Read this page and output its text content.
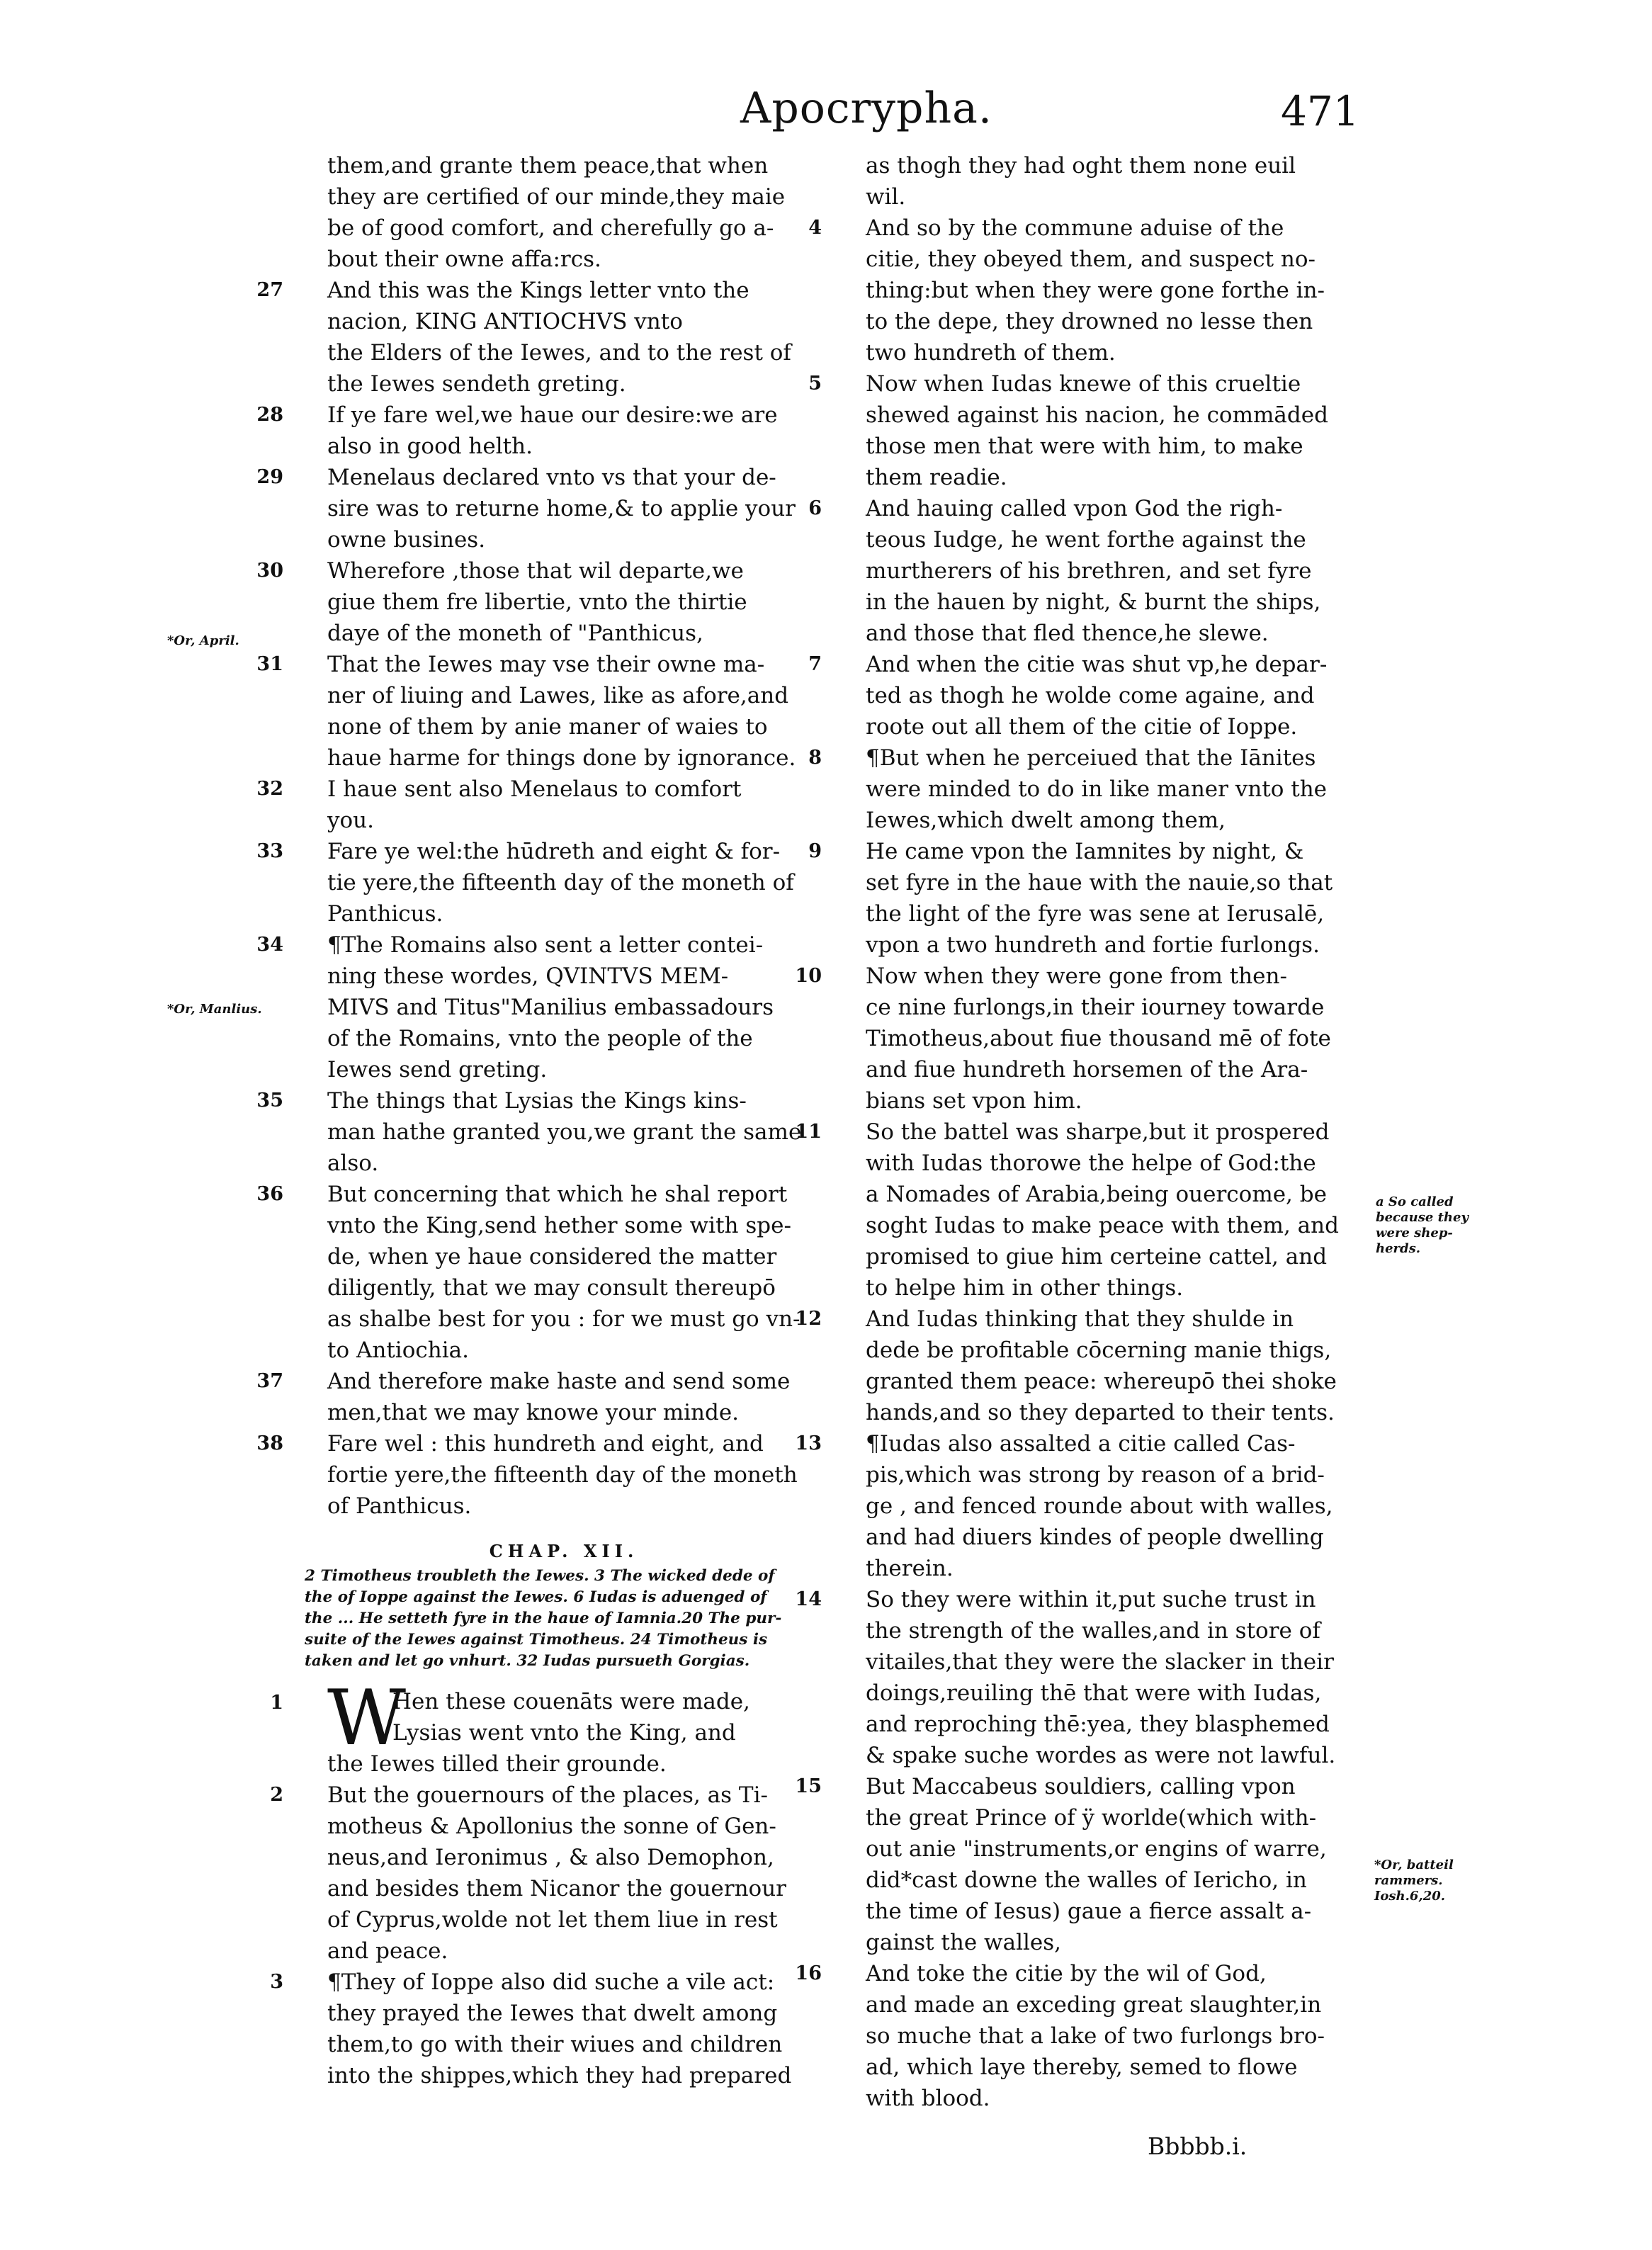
Apocrypha.	471
them,and grante them peace,that when
they are certified of our minde,they maie
be of good comfort, and cherefully go a-
bout their owne affa:rcs.
27 And this was the Kings letter vnto the
nacion, KING ANTIOCHVS vnto
the Elders of the Iewes, and to the rest of
the Iewes sendeth greting.
28 If ye fare wel,we haue our desire:we are
also in good helth.
29 Menelaus declared vnto vs that your de-
sire was to returne home,& to applie your
owne busines.
30 Wherefore ,those that wil departe,we
giue them fre libertie, vnto the thirtie
daye of the moneth of "Panthicus,
31 That the Iewes may vse their owne ma-
ner of liuing and Lawes, like as afore,and
none of them by anie maner of waies to
haue harme for things done by ignorance.
32 I haue sent also Menelaus to comfort
you.
33 Fare ye wel:the hūdreth and eight & for-
tie yere,the fifteenth day of the moneth of
Panthicus.
34 ¶The Romains also sent a letter contei-
ning these wordes, QVINTVS MEM-
MIVS and Titus"Manilius embassadours
of the Romains, vnto the people of the
Iewes send greting.
35 The things that Lysias the Kings kins-
man hathe granted you,we grant the same
also.
36 But concerning that which he shal report
vnto the King,send hether some with spe-
de, when ye haue considered the matter
diligently, that we may consult thereupō
as shalbe best for you : for we must go vn-
to Antiochia.
37 And therefore make haste and send some
men,that we may knowe your minde.
38 Fare wel : this hundreth and eight, and
fortie yere,the fifteenth day of the moneth
of Panthicus.
CHAP. XII.
2 Timotheus troubleth the Iewes. 3 The wicked dede of
the of Ioppe against the Iewes. 6 Iudas is aduenged of
the ... He setteth fyre in the haue of Iamnia.20 The pur-
suite of the Iewes against Timotheus. 24 Timotheus is
taken and let go vnhurt. 32 Iudas pursueth Gorgias.
W
1	Hen these couenāts were made,
Lysias went vnto the King, and
the Iewes tilled their grounde.
2 But the gouernours of the places, as Ti-
motheus & Apollonius the sonne of Gen-
neus,and Ieronimus , & also Demophon,
and besides them Nicanor the gouernour
of Cyprus,wolde not let them liue in rest
and peace.
3 ¶They of Ioppe also did suche a vile act:
they prayed the Iewes that dwelt among
them,to go with their wiues and children
into the shippes,which they had prepared
as thogh they had oght them none euil
wil.
4 And so by the commune aduise of the
citie, they obeyed them, and suspect no-
thing:but when they were gone forthe in-
to the depe, they drowned no lesse then
two hundreth of them.
5 Now when Iudas knewe of this crueltie
shewed against his nacion, he commāded
those men that were with him, to make
them readie.
6 And hauing called vpon God the righ-
teous Iudge, he went forthe against the
murtherers of his brethren, and set fyre
in the hauen by night, & burnt the ships,
and those that fled thence,he slewe.
7 And when the citie was shut vp,he depar-
ted as thogh he wolde come againe, and
roote out all them of the citie of Ioppe.
8 ¶But when he perceiued that the Iānites
were minded to do in like maner vnto the
Iewes,which dwelt among them,
9 He came vpon the Iamnites by night, &
set fyre in the haue with the nauie,so that
the light of the fyre was sene at Ierusalē,
vpon a two hundreth and fortie furlongs.
10 Now when they were gone from then-
ce nine furlongs,in their iourney towarde
Timotheus,about fiue thousand mē of fote
and fiue hundreth horsemen of the Ara-
bians set vpon him.
11 So the battel was sharpe,but it prospered
with Iudas thorowe the helpe of God:the
a Nomades of Arabia,being ouercome, be
soght Iudas to make peace with them, and
promised to giue him certeine cattel, and
to helpe him in other things.
12 And Iudas thinking that they shulde in
dede be profitable cōcerning manie thigs,
granted them peace: whereupō thei shoke
hands,and so they departed to their tents.
13 ¶Iudas also assalted a citie called Cas-
pis,which was strong by reason of a brid-
ge , and fenced rounde about with walles,
and had diuers kindes of people dwelling
therein.
14 So they were within it,put suche trust in
the strength of the walles,and in store of
vitailes,that they were the slacker in their
doings,reuiling thē that were with Iudas,
and reproching thē:yea, they blasphemed
& spake suche wordes as were not lawful.
15 But Maccabeus souldiers, calling vpon
the great Prince of ÿ worlde(which with-
out anie "instruments,or engins of warre,
did*cast downe the walles of Iericho, in
the time of Iesus) gaue a fierce assalt a-
gainst the walles,
16 And toke the citie by the wil of God,
and made an exceding great slaughter,in
so muche that a lake of two furlongs bro-
ad, which laye thereby, semed to flowe
with blood.
*Or, April.
*Or, Manlius.
a So called
because they
were shep-
herds.
*Or, batteil
rammers.
Iosh.6,20.
Bbbbb.i.
